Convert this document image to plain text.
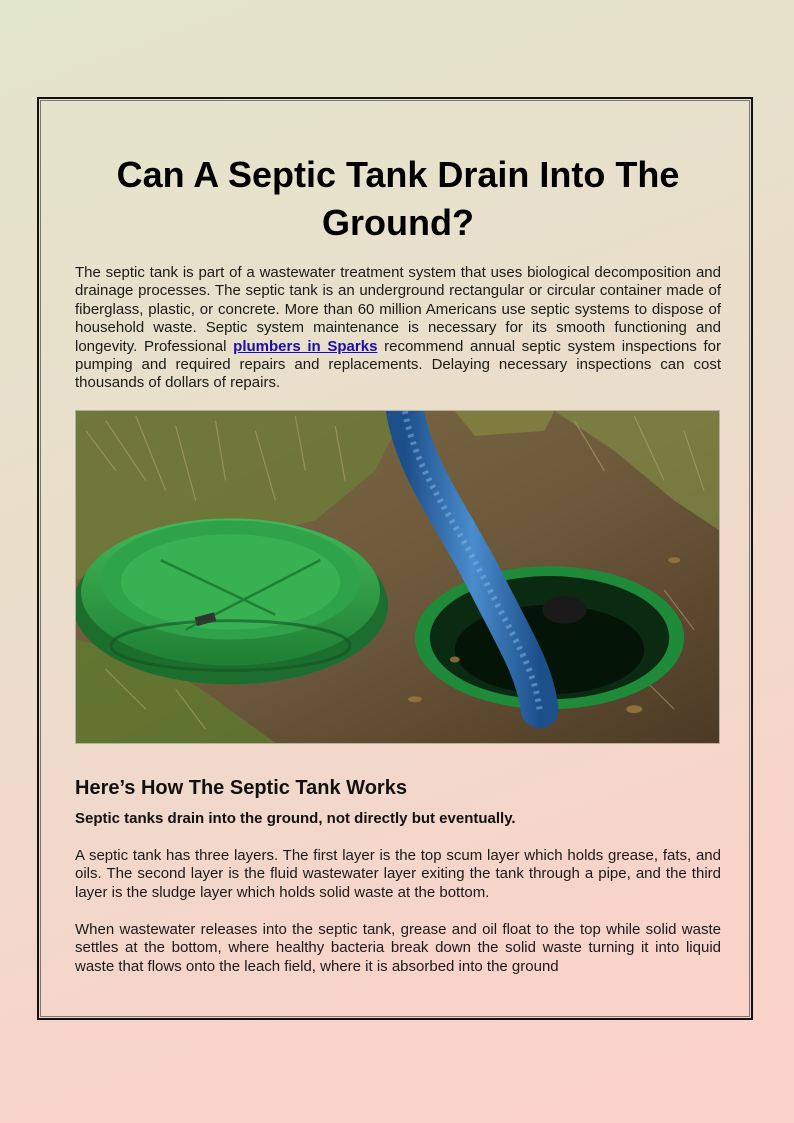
Can A Septic Tank Drain Into The Ground?

The septic tank is part of a wastewater treatment system that uses biological decomposition and drainage processes. The septic tank is an underground rectangular or circular container made of fiberglass, plastic, or concrete. More than 60 million Americans use septic systems to dispose of household waste. Septic system maintenance is necessary for its smooth functioning and longevity. Professional plumbers in Sparks recommend annual septic system inspections for pumping and required repairs and replacements. Delaying necessary inspections can cost thousands of dollars of repairs.

Here’s How The Septic Tank Works

Septic tanks drain into the ground, not directly but eventually.

A septic tank has three layers. The first layer is the top scum layer which holds grease, fats, and oils. The second layer is the fluid wastewater layer exiting the tank through a pipe, and the third layer is the sludge layer which holds solid waste at the bottom.

When wastewater releases into the septic tank, grease and oil float to the top while solid waste settles at the bottom, where healthy bacteria break down the solid waste turning it into liquid waste that flows onto the leach field, where it is absorbed into the ground
